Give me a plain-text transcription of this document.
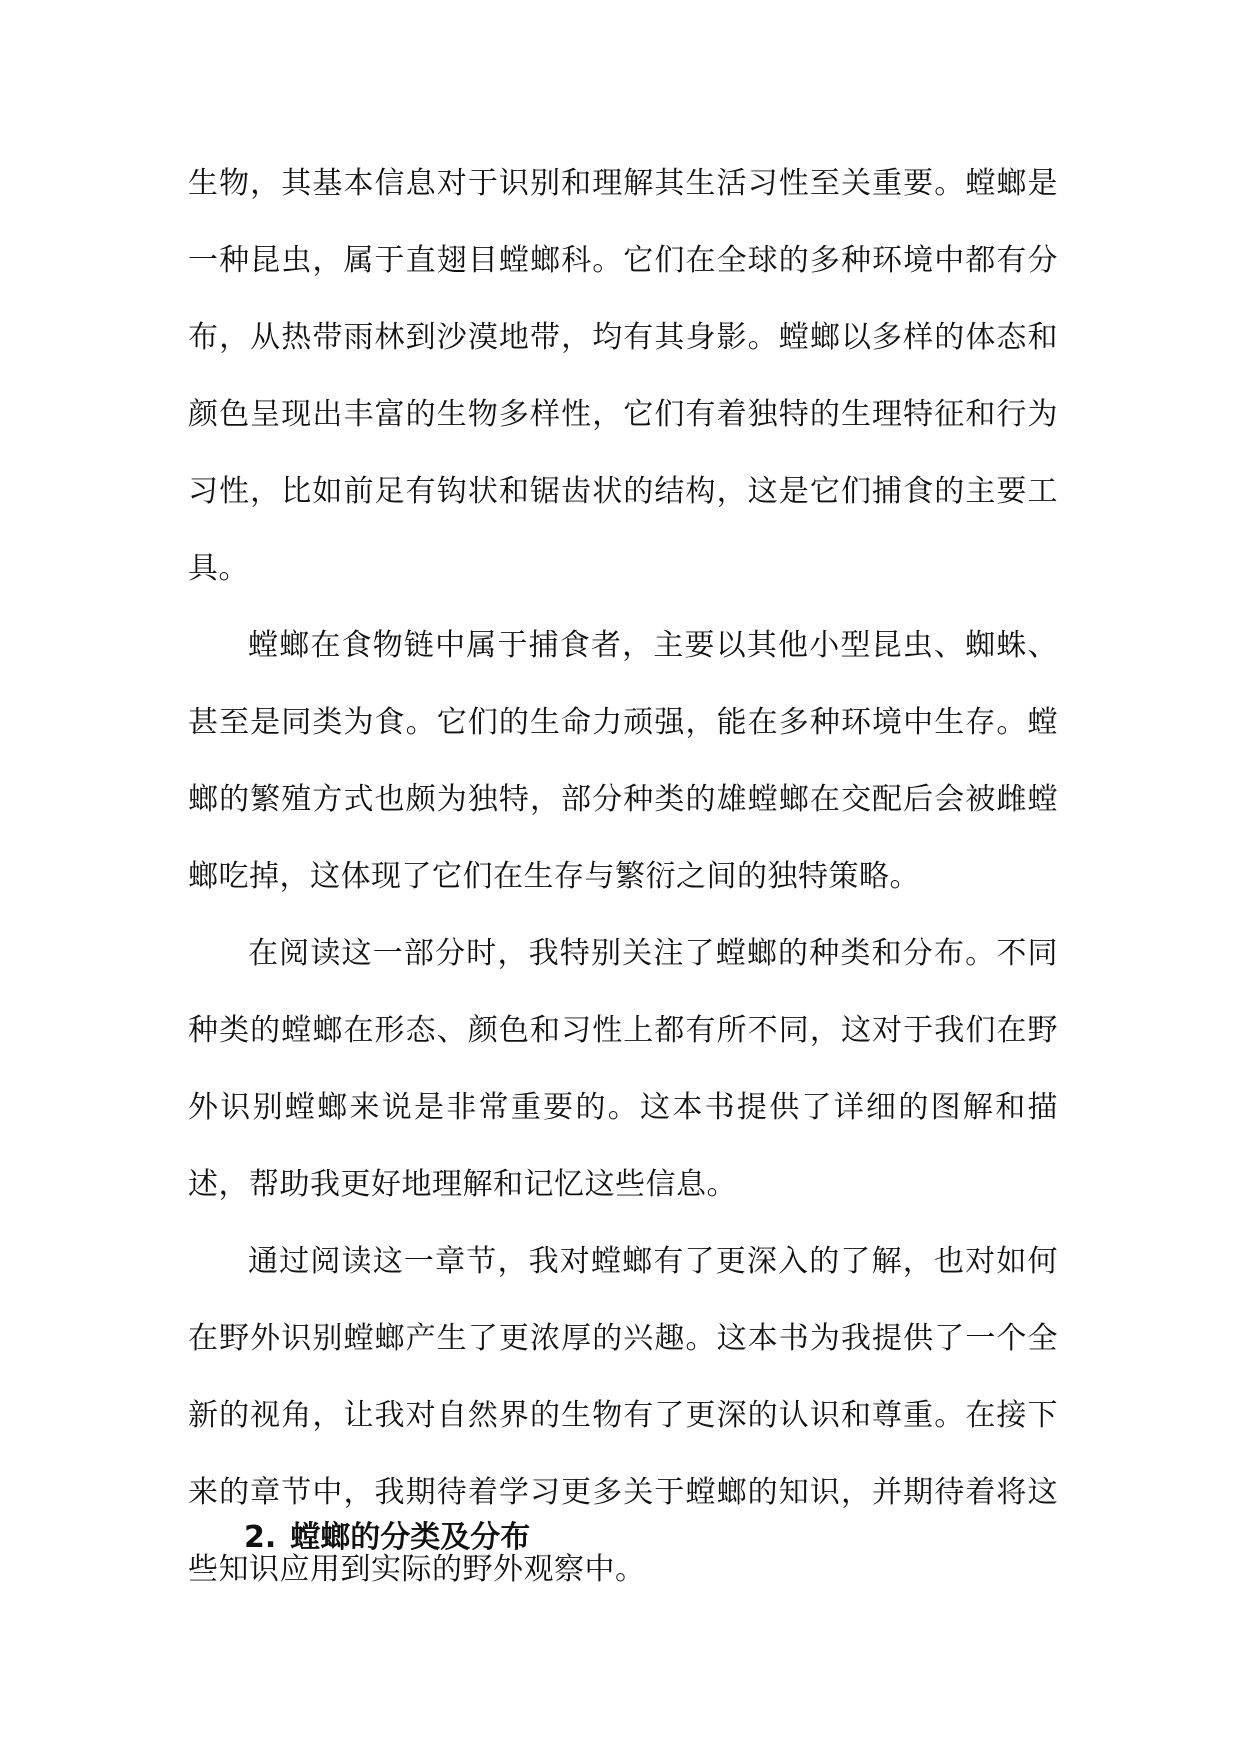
生物，其基本信息对于识别和理解其生活习性至关重要。螳螂是一种昆虫，属于直翅目螳螂科。它们在全球的多种环境中都有分布，从热带雨林到沙漠地带，均有其身影。螳螂以多样的体态和颜色呈现出丰富的生物多样性，它们有着独特的生理特征和行为习性，比如前足有钩状和锯齿状的结构，这是它们捕食的主要工具。

螳螂在食物链中属于捕食者，主要以其他小型昆虫、蜘蛛、甚至是同类为食。它们的生命力顽强，能在多种环境中生存。螳螂的繁殖方式也颇为独特，部分种类的雄螳螂在交配后会被雌螳螂吃掉，这体现了它们在生存与繁衍之间的独特策略。

在阅读这一部分时，我特别关注了螳螂的种类和分布。不同种类的螳螂在形态、颜色和习性上都有所不同，这对于我们在野外识别螳螂来说是非常重要的。这本书提供了详细的图解和描述，帮助我更好地理解和记忆这些信息。

通过阅读这一章节，我对螳螂有了更深入的了解，也对如何在野外识别螳螂产生了更浓厚的兴趣。这本书为我提供了一个全新的视角，让我对自然界的生物有了更深的认识和尊重。在接下来的章节中，我期待着学习更多关于螳螂的知识，并期待着将这些知识应用到实际的野外观察中。

2. 螳螂的分类及分布
